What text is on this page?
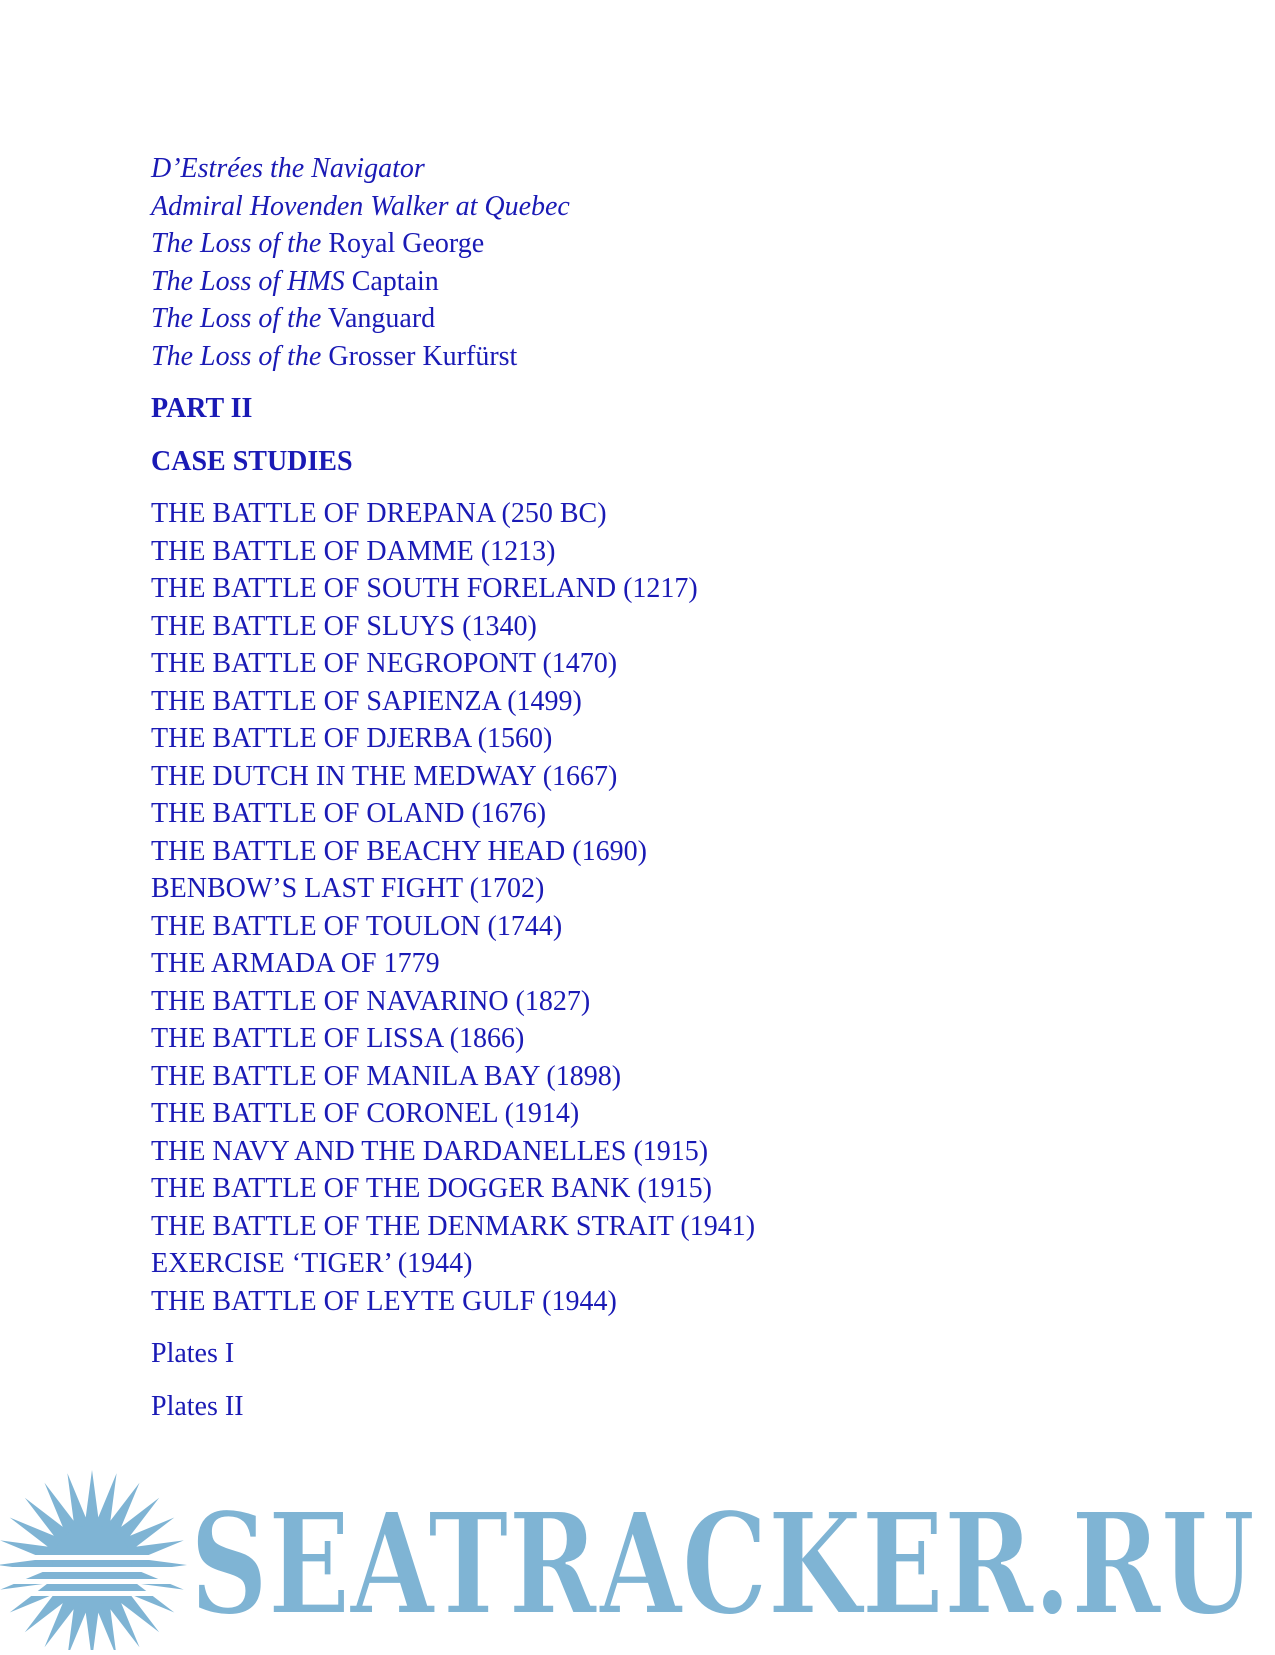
D’Estrées the Navigator
Admiral Hovenden Walker at Quebec
The Loss of the Royal George
The Loss of HMS Captain
The Loss of the Vanguard
The Loss of the Grosser Kurfürst
PART II
CASE STUDIES
THE BATTLE OF DREPANA (250 BC)
THE BATTLE OF DAMME (1213)
THE BATTLE OF SOUTH FORELAND (1217)
THE BATTLE OF SLUYS (1340)
THE BATTLE OF NEGROPONT (1470)
THE BATTLE OF SAPIENZA (1499)
THE BATTLE OF DJERBA (1560)
THE DUTCH IN THE MEDWAY (1667)
THE BATTLE OF OLAND (1676)
THE BATTLE OF BEACHY HEAD (1690)
BENBOW’S LAST FIGHT (1702)
THE BATTLE OF TOULON (1744)
THE ARMADA OF 1779
THE BATTLE OF NAVARINO (1827)
THE BATTLE OF LISSA (1866)
THE BATTLE OF MANILA BAY (1898)
THE BATTLE OF CORONEL (1914)
THE NAVY AND THE DARDANELLES (1915)
THE BATTLE OF THE DOGGER BANK (1915)
THE BATTLE OF THE DENMARK STRAIT (1941)
EXERCISE ‘TIGER’ (1944)
THE BATTLE OF LEYTE GULF (1944)
Plates I
Plates II
SEATRACKER.RU
